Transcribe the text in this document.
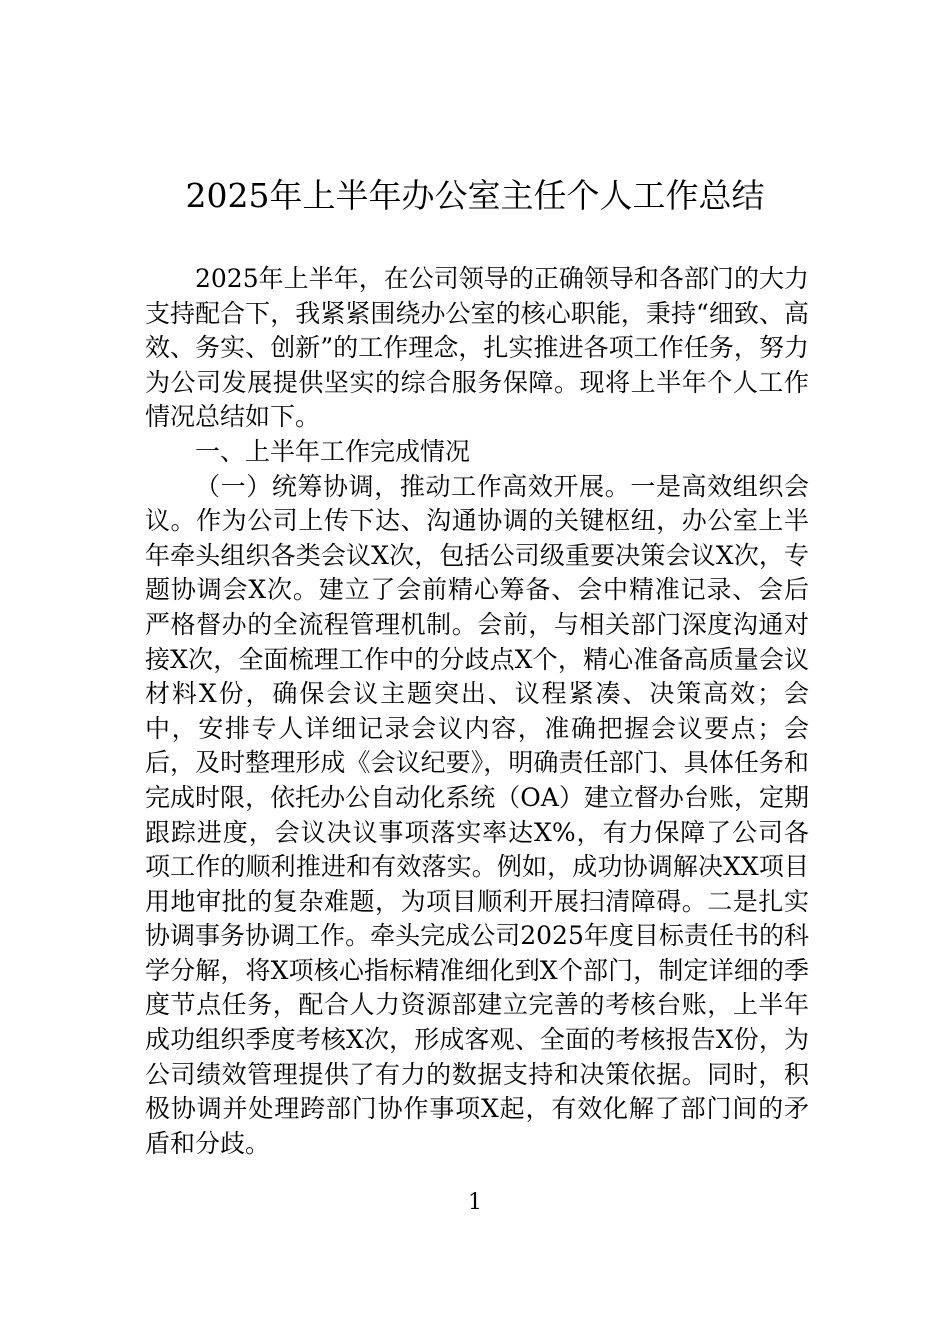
2025年上半年办公室主任个人工作总结

2025年上半年，在公司领导的正确领导和各部门的大力支持配合下，我紧紧围绕办公室的核心职能，秉持“细致、高效、务实、创新”的工作理念，扎实推进各项工作任务，努力为公司发展提供坚实的综合服务保障。现将上半年个人工作情况总结如下。

一、上半年工作完成情况

（一）统筹协调，推动工作高效开展。一是高效组织会议。作为公司上传下达、沟通协调的关键枢纽，办公室上半年牵头组织各类会议X次，包括公司级重要决策会议X次，专题协调会X次。建立了会前精心筹备、会中精准记录、会后严格督办的全流程管理机制。会前，与相关部门深度沟通对接X次，全面梳理工作中的分歧点X个，精心准备高质量会议材料X份，确保会议主题突出、议程紧凑、决策高效；会中，安排专人详细记录会议内容，准确把握会议要点；会后，及时整理形成《会议纪要》，明确责任部门、具体任务和完成时限，依托办公自动化系统（OA）建立督办台账，定期跟踪进度，会议决议事项落实率达X%，有力保障了公司各项工作的顺利推进和有效落实。例如，成功协调解决XX项目用地审批的复杂难题，为项目顺利开展扫清障碍。二是扎实协调事务协调工作。牵头完成公司2025年度目标责任书的科学分解，将X项核心指标精准细化到X个部门，制定详细的季度节点任务，配合人力资源部建立完善的考核台账，上半年成功组织季度考核X次，形成客观、全面的考核报告X份，为公司绩效管理提供了有力的数据支持和决策依据。同时，积极协调并处理跨部门协作事项X起，有效化解了部门间的矛盾和分歧。

1
